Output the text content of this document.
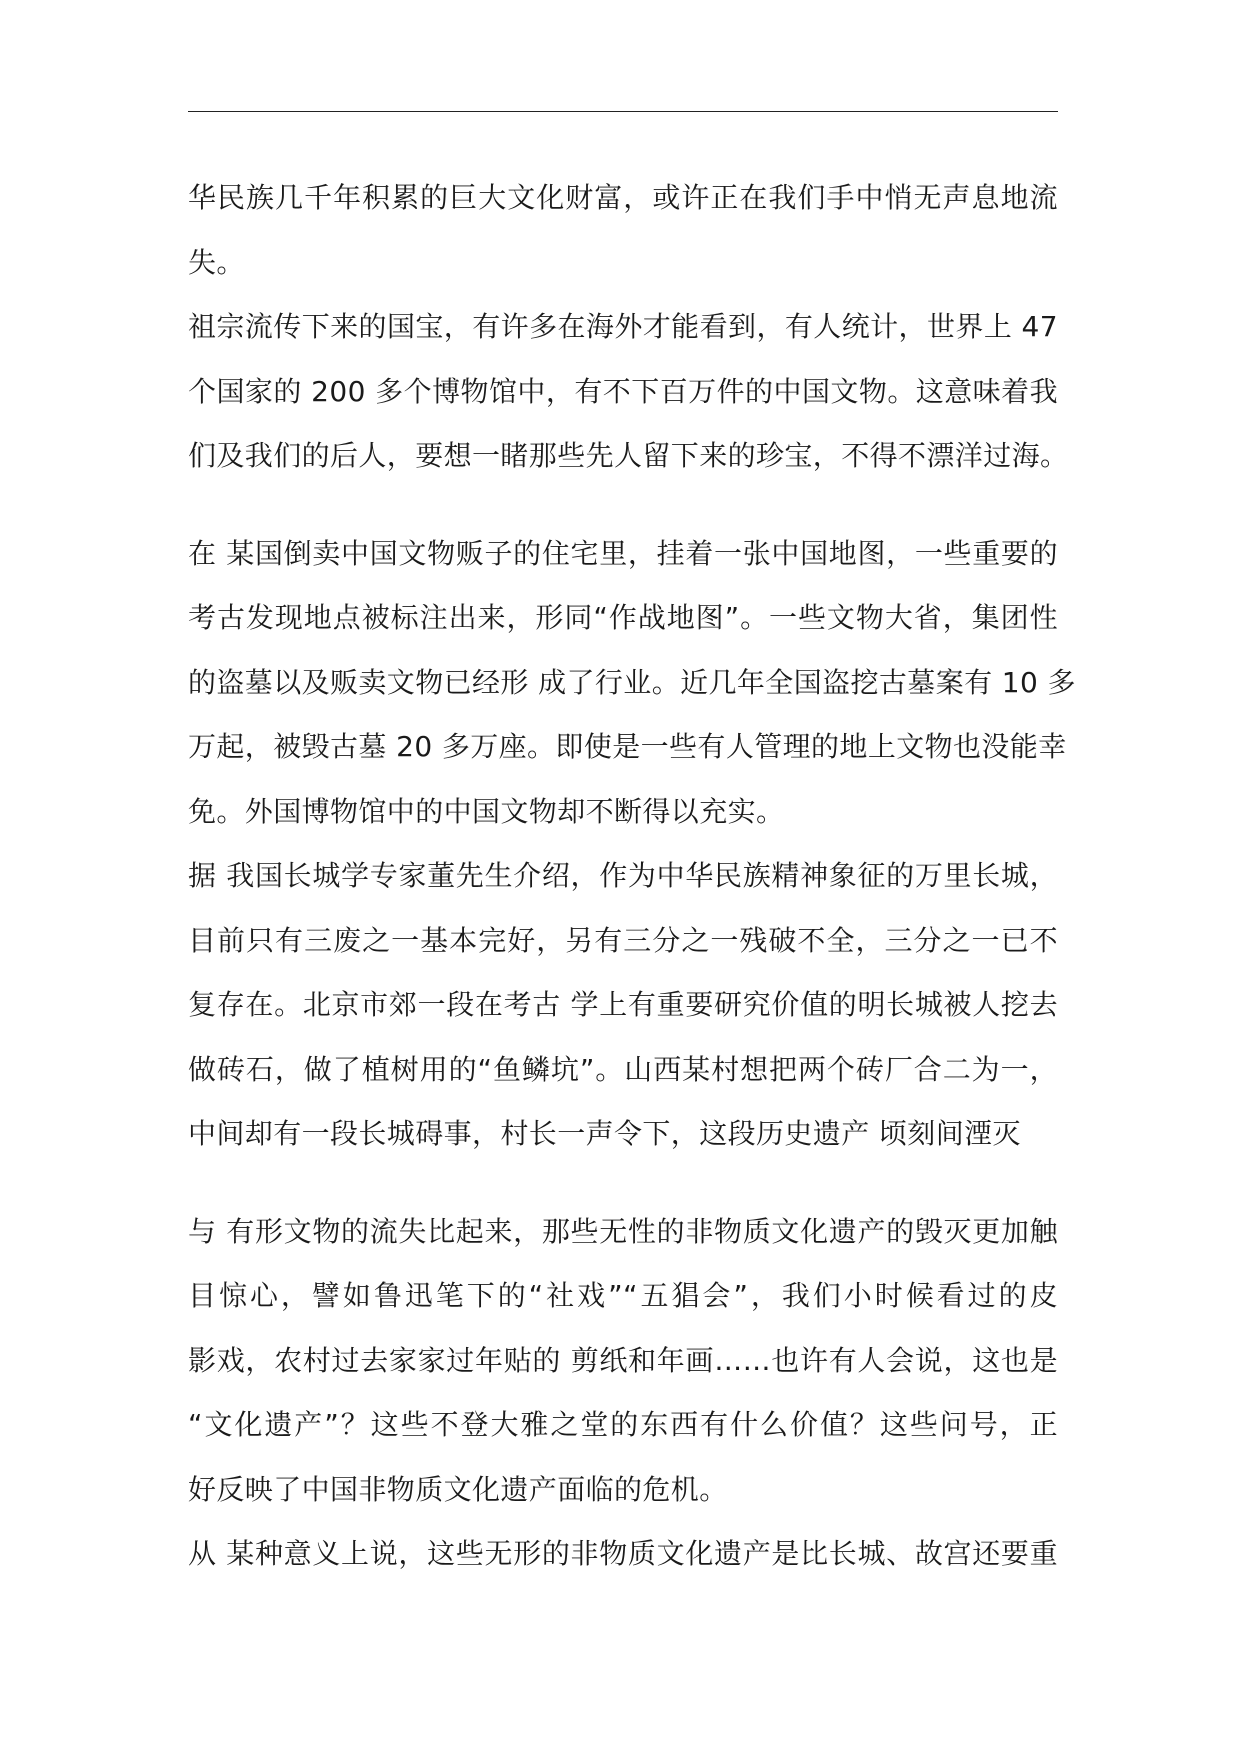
华民族几千年积累的巨大文化财富，或许正在我们手中悄无声息地流
失。
祖宗流传下来的国宝，有许多在海外才能看到，有人统计，世界上 47
个国家的 200 多个博物馆中，有不下百万件的中国文物。这意味着我
们及我们的后人，要想一睹那些先人留下来的珍宝，不得不漂洋过海。
在 某国倒卖中国文物贩子的住宅里，挂着一张中国地图，一些重要的
考古发现地点被标注出来，形同“作战地图”。一些文物大省，集团性
的盗墓以及贩卖文物已经形 成了行业。近几年全国盗挖古墓案有 10 多
万起，被毁古墓 20 多万座。即使是一些有人管理的地上文物也没能幸
免。外国博物馆中的中国文物却不断得以充实。
据 我国长城学专家董先生介绍，作为中华民族精神象征的万里长城，
目前只有三废之一基本完好，另有三分之一残破不全，三分之一已不
复存在。北京市郊一段在考古 学上有重要研究价值的明长城被人挖去
做砖石，做了植树用的“鱼鳞坑”。山西某村想把两个砖厂合二为一，
中间却有一段长城碍事，村长一声令下，这段历史遗产 顷刻间湮灭
与 有形文物的流失比起来，那些无性的非物质文化遗产的毁灭更加触
目惊心，譬如鲁迅笔下的“社戏”“五猖会”，我们小时候看过的皮
影戏，农村过去家家过年贴的 剪纸和年画……也许有人会说，这也是
“文化遗产”？这些不登大雅之堂的东西有什么价值？这些问号，正
好反映了中国非物质文化遗产面临的危机。
从 某种意义上说，这些无形的非物质文化遗产是比长城、故宫还要重
